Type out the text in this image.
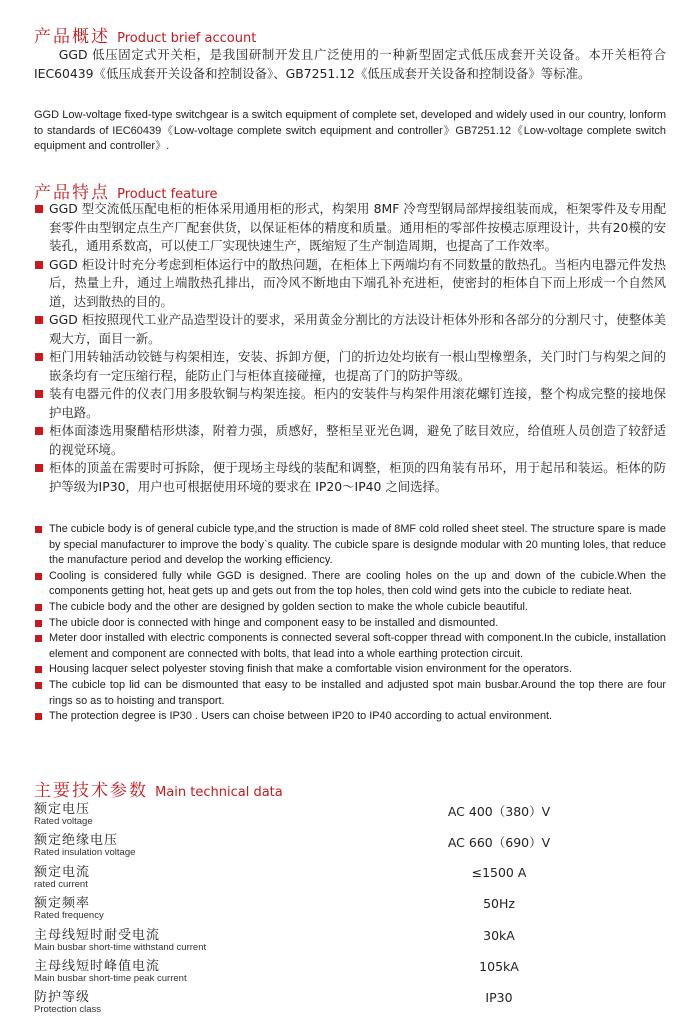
产品概述 Product brief account
GGD 低压固定式开关柜，是我国研制开发且广泛使用的一种新型固定式低压成套开关设备。本开关柜符合 IEC60439《低压成套开关设备和控制设备》、GB7251.12《低压成套开关设备和控制设备》等标准。
GGD Low-voltage fixed-type switchgear is a switch equipment of complete set, developed and widely used in our country, lonform to standards of IEC60439《Low-voltage complete switch equipment and controller》GB7251.12《Low-voltage complete switch equipment and controller》.
产品特点 Product feature
GGD 型交流低压配电柜的柜体采用通用柜的形式，构架用 8MF 冷弯型钢局部焊接组装而成，柜架零件及专用配套零件由型钢定点生产厂配套供货，以保证柜体的精度和质量。通用柜的零部件按模志原理设计，共有20模的安装孔，通用系数高，可以使工厂实现快速生产，既缩短了生产制造周期，也提高了工作效率。
GGD 柜设计时充分考虑到柜体运行中的散热问题，在柜体上下两端均有不同数量的散热孔。当柜内电器元件发热后，热量上升，通过上端散热孔排出，而冷风不断地由下端孔补充进柜，使密封的柜体自下而上形成一个自然风道，达到散热的目的。
GGD 柜按照现代工业产品造型设计的要求，采用黄金分割比的方法设计柜体外形和各部分的分割尺寸，使整体美观大方，面目一新。
柜门用转轴活动铰链与构架相连，安装、拆卸方便，门的折边处均嵌有一根山型橡塑条，关门时门与构架之间的嵌条均有一定压缩行程，能防止门与柜体直接碰撞，也提高了门的防护等级。
装有电器元件的仪表门用多股软铜与构架连接。柜内的安装件与构架件用滚花螺钉连接，整个构成完整的接地保护电路。
柜体面漆选用聚醋桔形烘漆，附着力强，质感好，整柜呈亚光色调，避免了眩目效应，给值班人员创造了较舒适的视觉环境。
柜体的顶盖在需要时可拆除，便于现场主母线的装配和调整，柜顶的四角装有吊环，用于起吊和装运。柜体的防护等级为IP30，用户也可根据使用环境的要求在 IP20～IP40 之间选择。
The cubicle body is of general cubicle type,and the struction is made of 8MF cold rolled sheet steel. The structure spare is made by special manufacturer to improve the body`s quality. The cubicle spare is designde modular with 20 munting loles, that reduce the manufacture period and develop the working efficiency.
Cooling is considered fully while GGD is designed. There are cooling holes on the up and down of the cubicle.When the components getting hot, heat gets up and gets out from the top holes, then cold wind gets into the cubicle to rediate heat.
The cubicle body and the other are designed by golden section to make the whole cubicle beautiful.
The ubicle door is connected with hinge and component easy to be installed and dismounted.
Meter door installed with electric components is connected several soft-copper thread with component.In the cubicle, installation element and component are connected with bolts, that lead into a whole earthing protection circuit.
Housing lacquer select polyester stoving finish that make a comfortable vision environment for the operators.
The cubicle top lid can be dismounted that easy to be installed and adjusted spot main busbar.Around the top there are four rings so as to hoisting and transport.
The protection degree is IP30 . Users can choise between IP20 to IP40 according to actual environment.
主要技术参数 Main technical data
额定电压
Rated voltage
AC 400（380）V
额定绝缘电压
Rated insulation voltage
AC 660（690）V
额定电流
rated current
≤1500 A
额定频率
Rated frequency
50Hz
主母线短时耐受电流
Main busbar short-time withstand current
30kA
主母线短时峰值电流
Main busbar short-time peak current
105kA
防护等级
Protection class
IP30
